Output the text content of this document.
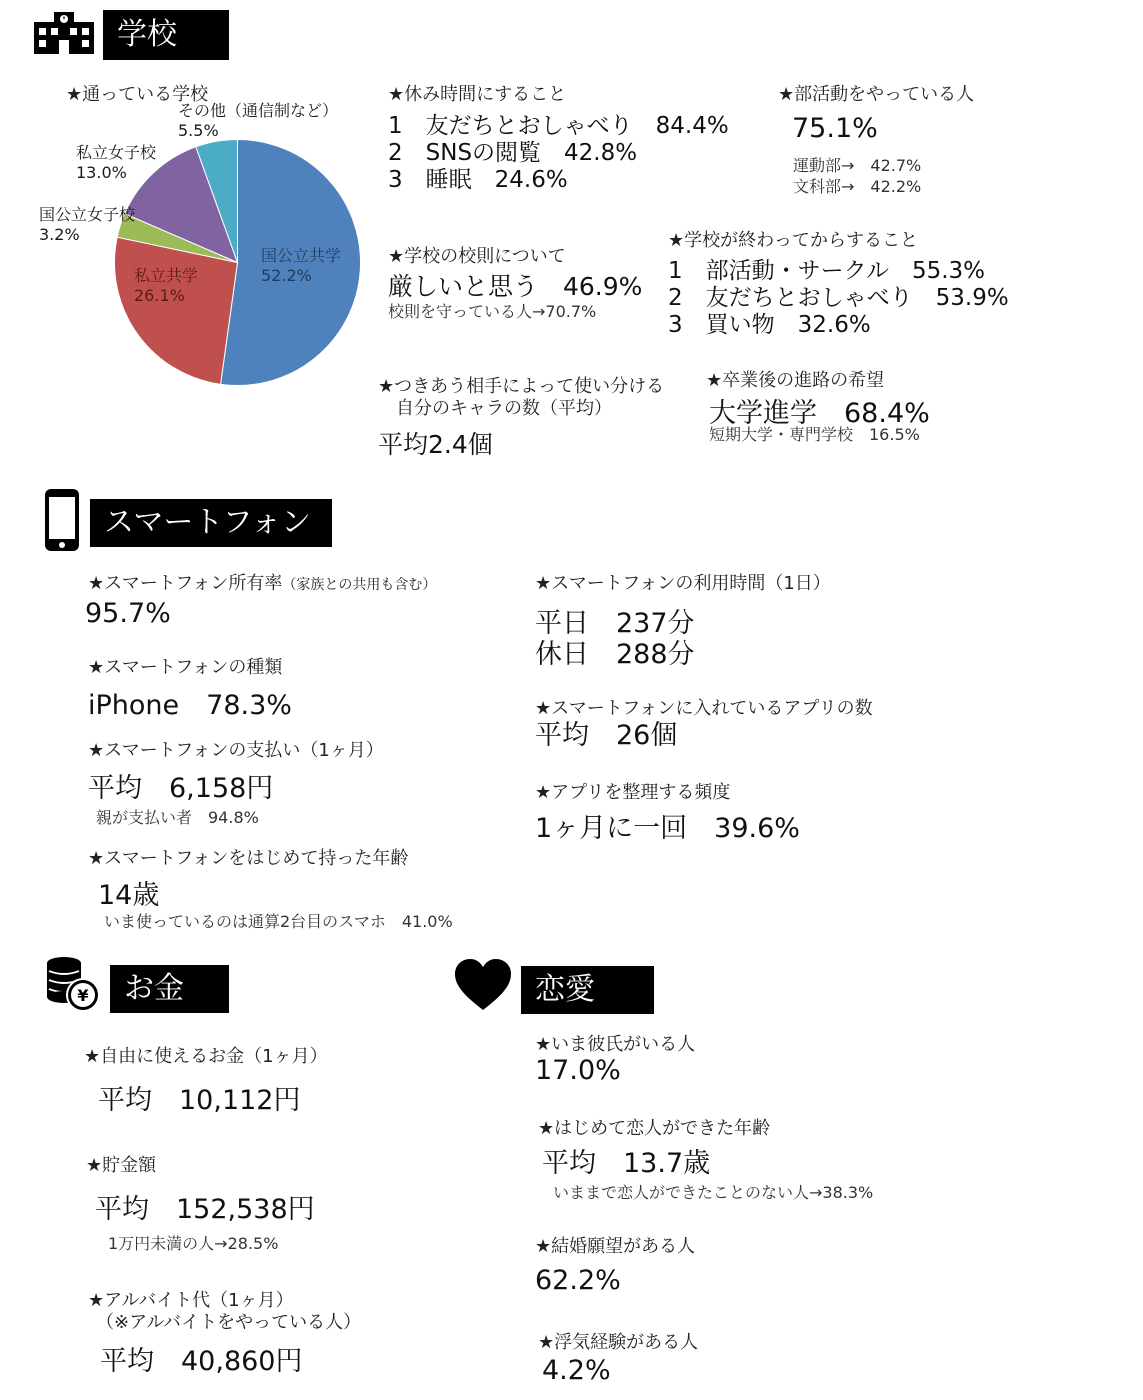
学校
★通っている学校
その他（通信制など）
5.5%
私立女子校
13.0%
国公立女子校
3.2%
私立共学
26.1%
国公立共学
52.2%
★休み時間にすること
1　友だちとおしゃべり　84.4%
2　SNSの閲覧　42.8%
3　睡眠　24.6%
★部活動をやっている人
75.1%
運動部→　42.7%
文科部→　42.2%
★学校の校則について
厳しいと思う　46.9%
校則を守っている人→70.7%
★学校が終わってからすること
1　部活動・サークル　55.3%
2　友だちとおしゃべり　53.9%
3　買い物　32.6%
★つきあう相手によって使い分ける
自分のキャラの数（平均）
平均2.4個
★卒業後の進路の希望
大学進学　68.4%
短期大学・専門学校　16.5%
スマートフォン
★スマートフォン所有率（家族との共用も含む）
95.7%
★スマートフォンの種類
iPhone　78.3%
★スマートフォンの支払い（1ヶ月）
平均　6,158円
親が支払い者　94.8%
★スマートフォンをはじめて持った年齢
14歳
いま使っているのは通算2台目のスマホ　41.0%
★スマートフォンの利用時間（1日）
平日　237分
休日　288分
★スマートフォンに入れているアプリの数
平均　26個
★アプリを整理する頻度
1ヶ月に一回　39.6%
¥	お金
★自由に使えるお金（1ヶ月）
平均　10,112円
★貯金額
平均　152,538円
1万円未満の人→28.5%
★アルバイト代（1ヶ月）
（※アルバイトをやっている人）
平均　40,860円
恋愛
★いま彼氏がいる人
17.0%
★はじめて恋人ができた年齢
平均　13.7歳
いままで恋人ができたことのない人→38.3%
★結婚願望がある人
62.2%
★浮気経験がある人
4.2%
